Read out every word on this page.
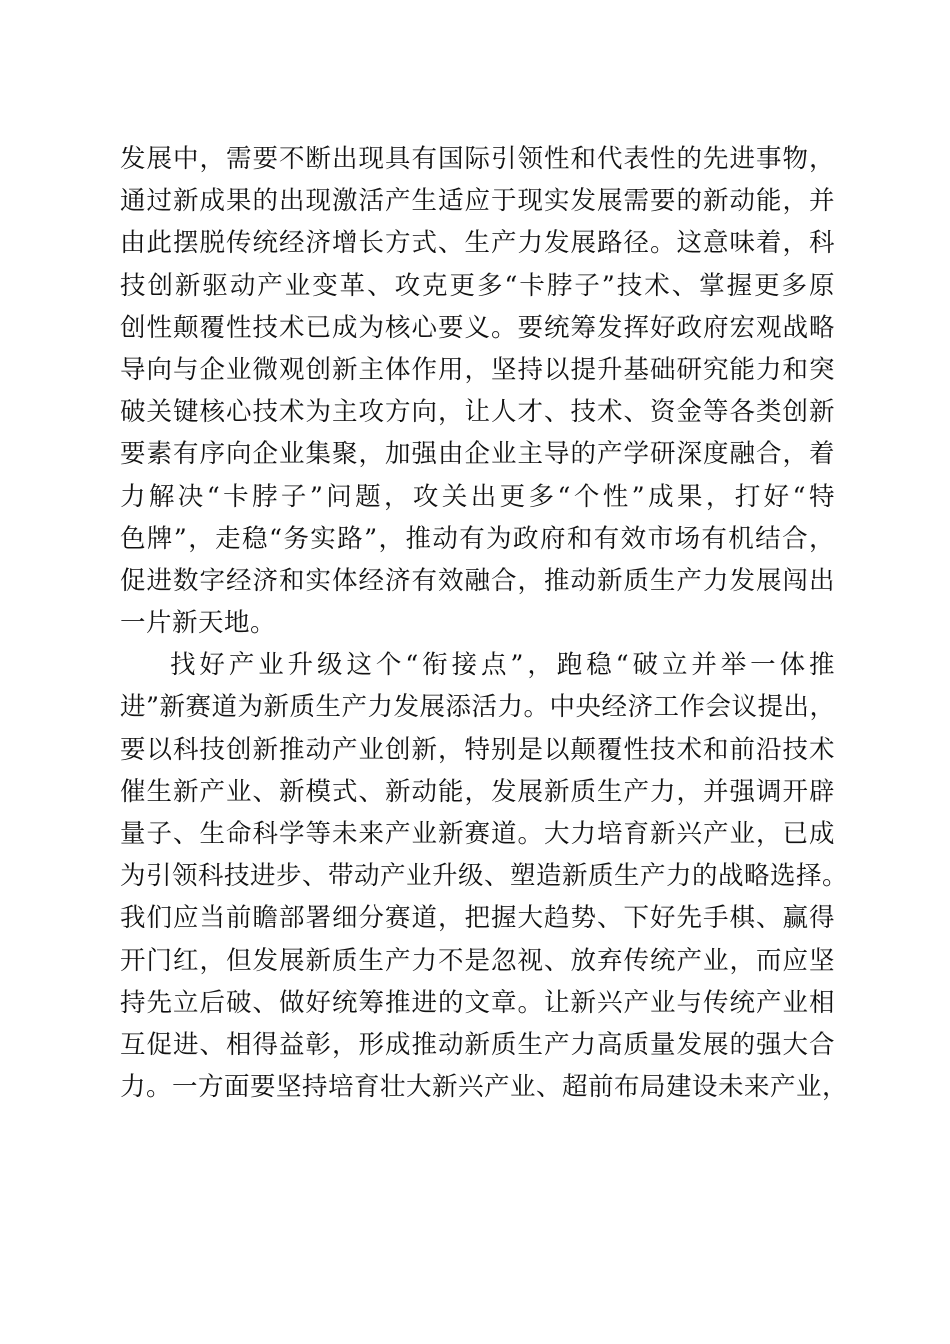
发展中，需要不断出现具有国际引领性和代表性的先进事物，
通过新成果的出现激活产生适应于现实发展需要的新动能，并
由此摆脱传统经济增长方式、生产力发展路径。这意味着，科
技创新驱动产业变革、攻克更多“卡脖子”技术、掌握更多原
创性颠覆性技术已成为核心要义。要统筹发挥好政府宏观战略
导向与企业微观创新主体作用，坚持以提升基础研究能力和突
破关键核心技术为主攻方向，让人才、技术、资金等各类创新
要素有序向企业集聚，加强由企业主导的产学研深度融合，着
力解决“卡脖子”问题，攻关出更多“个性”成果，打好“特
色牌”，走稳“务实路”，推动有为政府和有效市场有机结合，
促进数字经济和实体经济有效融合，推动新质生产力发展闯出
一片新天地。
找好产业升级这个“衔接点”，跑稳“破立并举一体推
进”新赛道为新质生产力发展添活力。中央经济工作会议提出，
要以科技创新推动产业创新，特别是以颠覆性技术和前沿技术
催生新产业、新模式、新动能，发展新质生产力，并强调开辟
量子、生命科学等未来产业新赛道。大力培育新兴产业，已成
为引领科技进步、带动产业升级、塑造新质生产力的战略选择。
我们应当前瞻部署细分赛道，把握大趋势、下好先手棋、赢得
开门红，但发展新质生产力不是忽视、放弃传统产业，而应坚
持先立后破、做好统筹推进的文章。让新兴产业与传统产业相
互促进、相得益彰，形成推动新质生产力高质量发展的强大合
力。一方面要坚持培育壮大新兴产业、超前布局建设未来产业，
